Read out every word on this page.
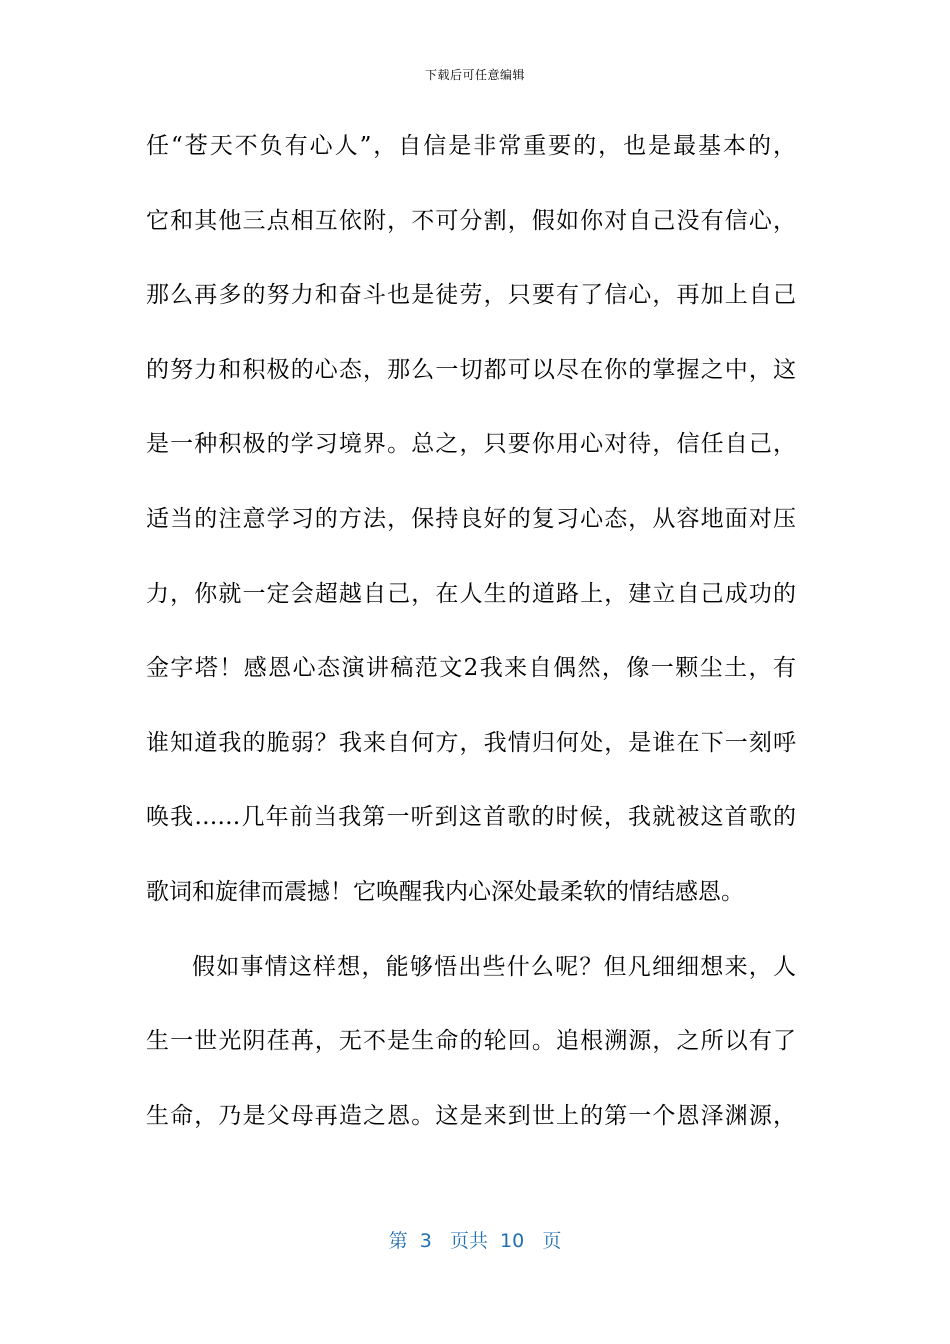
下载后可任意编辑
任“苍天不负有心人”，自信是非常重要的，也是最基本的，
它和其他三点相互依附，不可分割，假如你对自己没有信心，
那么再多的努力和奋斗也是徒劳，只要有了信心，再加上自己
的努力和积极的心态，那么一切都可以尽在你的掌握之中，这
是一种积极的学习境界。总之，只要你用心对待，信任自己，
适当的注意学习的方法，保持良好的复习心态，从容地面对压
力，你就一定会超越自己，在人生的道路上，建立自己成功的
金字塔！感恩心态演讲稿范文2我来自偶然，像一颗尘土，有
谁知道我的脆弱？我来自何方，我情归何处，是谁在下一刻呼
唤我……几年前当我第一听到这首歌的时候，我就被这首歌的
歌词和旋律而震撼！它唤醒我内心深处最柔软的情结感恩。
假如事情这样想，能够悟出些什么呢？但凡细细想来，人
生一世光阴荏苒，无不是生命的轮回。追根溯源，之所以有了
生命，乃是父母再造之恩。这是来到世上的第一个恩泽渊源，
第  3   页共  10   页
